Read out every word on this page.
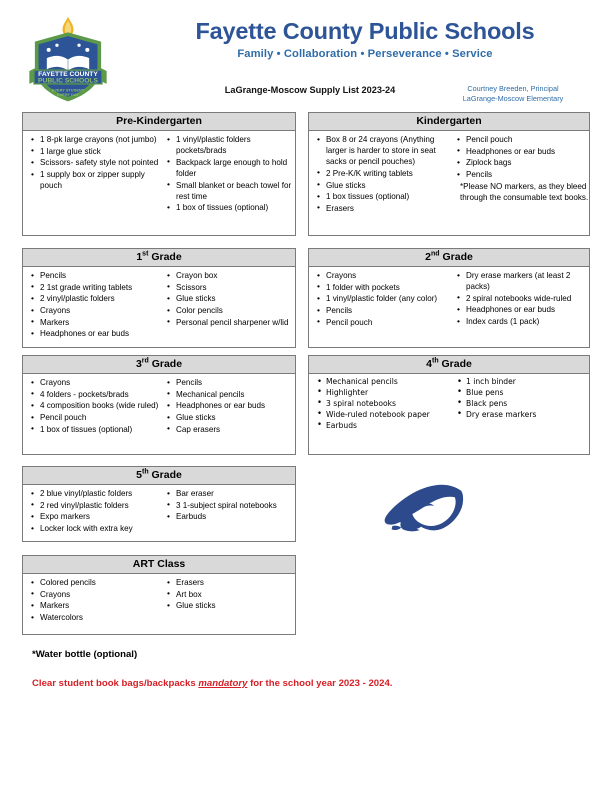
FAYETTE COUNTY
PUBLIC SCHOOLS
EVERY STUDENT
EVERY DAY
Fayette County Public Schools
Family • Collaboration • Perseverance • Service
LaGrange-Moscow Supply List 2023-24	Courtney Breeden, Principal
LaGrange-Moscow Elementary
Pre-Kindergarten
• 1 8-pk large crayons (not jumbo)
• 1 large glue stick
• Scissors- safety style not pointed
• 1 supply box or zipper supply pouch
• 1 vinyl/plastic folders pockets/brads
• Backpack large enough to hold folder
• Small blanket or beach towel for rest time
• 1 box of tissues (optional)
Kindergarten
• Box 8 or 24 crayons (Anything larger is harder to store in seat sacks or pencil pouches)
• 2 Pre-K/K writing tablets
• Glue sticks
• 1 box tissues (optional)
• Erasers
• Pencil pouch
• Headphones or ear buds
• Ziplock bags
• Pencils
*Please NO markers, as they bleed through the consumable text books.
1st Grade
• Pencils
• 2 1st grade writing tablets
• 2 vinyl/plastic folders
• Crayons
• Markers
• Headphones or ear buds
• Crayon box
• Scissors
• Glue sticks
• Color pencils
• Personal pencil sharpener w/lid
2nd Grade
• Crayons
• 1 folder with pockets
• 1 vinyl/plastic folder (any color)
• Pencils
• Pencil pouch
• Dry erase markers (at least 2 packs)
• 2 spiral notebooks wide-ruled
• Headphones or ear buds
• Index cards (1 pack)
3rd Grade
• Crayons
• 4 folders - pockets/brads
• 4 composition books (wide ruled)
• Pencil pouch
• 1 box of tissues (optional)
• Pencils
• Mechanical pencils
• Headphones or ear buds
• Glue sticks
• Cap erasers
4th Grade
• Mechanical pencils
• Highlighter
• 3 spiral notebooks
• Wide-ruled notebook paper
• Earbuds
• 1 inch binder
• Blue pens
• Black pens
• Dry erase markers
5th Grade
• 2 blue vinyl/plastic folders
• 2 red vinyl/plastic folders
• Expo markers
• Locker lock with extra key
• Bar eraser
• 3 1-subject spiral notebooks
• Earbuds
ART Class
• Colored pencils
• Crayons
• Markers
• Watercolors
• Erasers
• Art box
• Glue sticks
*Water bottle (optional)
Clear student book bags/backpacks mandatory for the school year 2023 - 2024.
